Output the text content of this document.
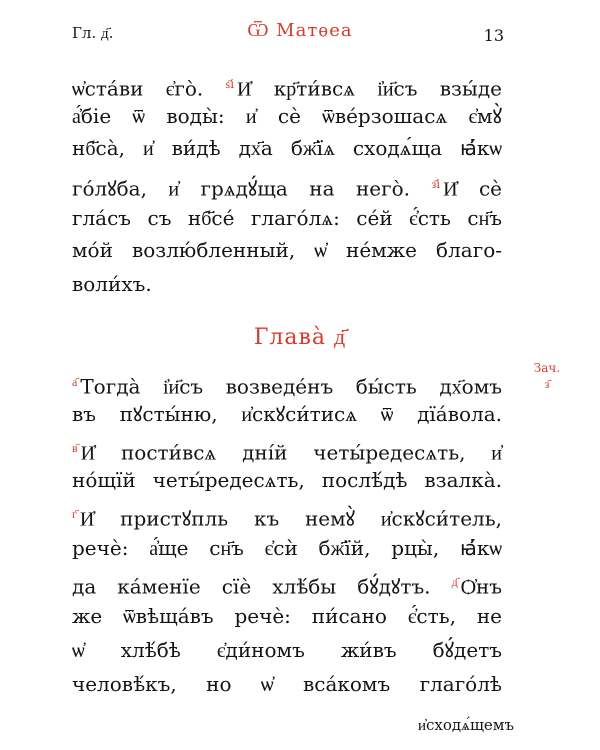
Гл. д҃.	Ѿ Матѳеа	13
ѡ҆ста́ви є҆го̀. $^{ѕ҃і}$ И҆ кр҃ти́всѧ і҆и҃съ взы́де
а҆́біе ѿ воды̀: и҆ сѐ ѿве́рзошасѧ є҆мꙋ̀
нб҃сà, и҆ ви́дѣ дх҃а бж҃їѧ сходѧ́ща ꙗ҆́кѡ
го́лꙋба, и҆ грѧдꙋ́ща на него̀. $^{з҃і}$ И҆ сѐ
гла́съ съ нб҃се́ глаго́лѧ: се́й є҆́сть сн҃ъ
мо́й возлю́бленный, ѡ҆ не́мже благо-
воли́хъ.
Глава̀ д҃
Зач.
з҃
$^{а҃}$ Тогда̀ і҆и҃съ возведе́нъ бы́сть дх҃омъ
въ пꙋсты́ню, и҆скꙋси́тисѧ ѿ дїа́вола.
$^{в҃}$ И҆ пости́всѧ дні́й четы́редесѧть, и҆
но́щїй четы́редесѧть, послѣ́дѣ взалка̀.
$^{г҃}$ И҆ пристꙋпль къ немꙋ̀ и҆скꙋси́тель,
речѐ: а҆́ще сн҃ъ є҆сѝ бж҃їй, рцы̀, ꙗ҆́кѡ
да ка́менїе сїѐ хлѣ́бы бꙋ́дꙋтъ. $^{д҃}$ Ѻ҆нъ
же ѿвѣща́въ речѐ: пи́сано є҆́сть, не
ѡ҆ хлѣ́бѣ є҆ди́номъ жи́въ бꙋ́детъ
человѣ́къ, но ѡ҆ вса́комъ глаго́лѣ
и҆сходѧ́щемъ
